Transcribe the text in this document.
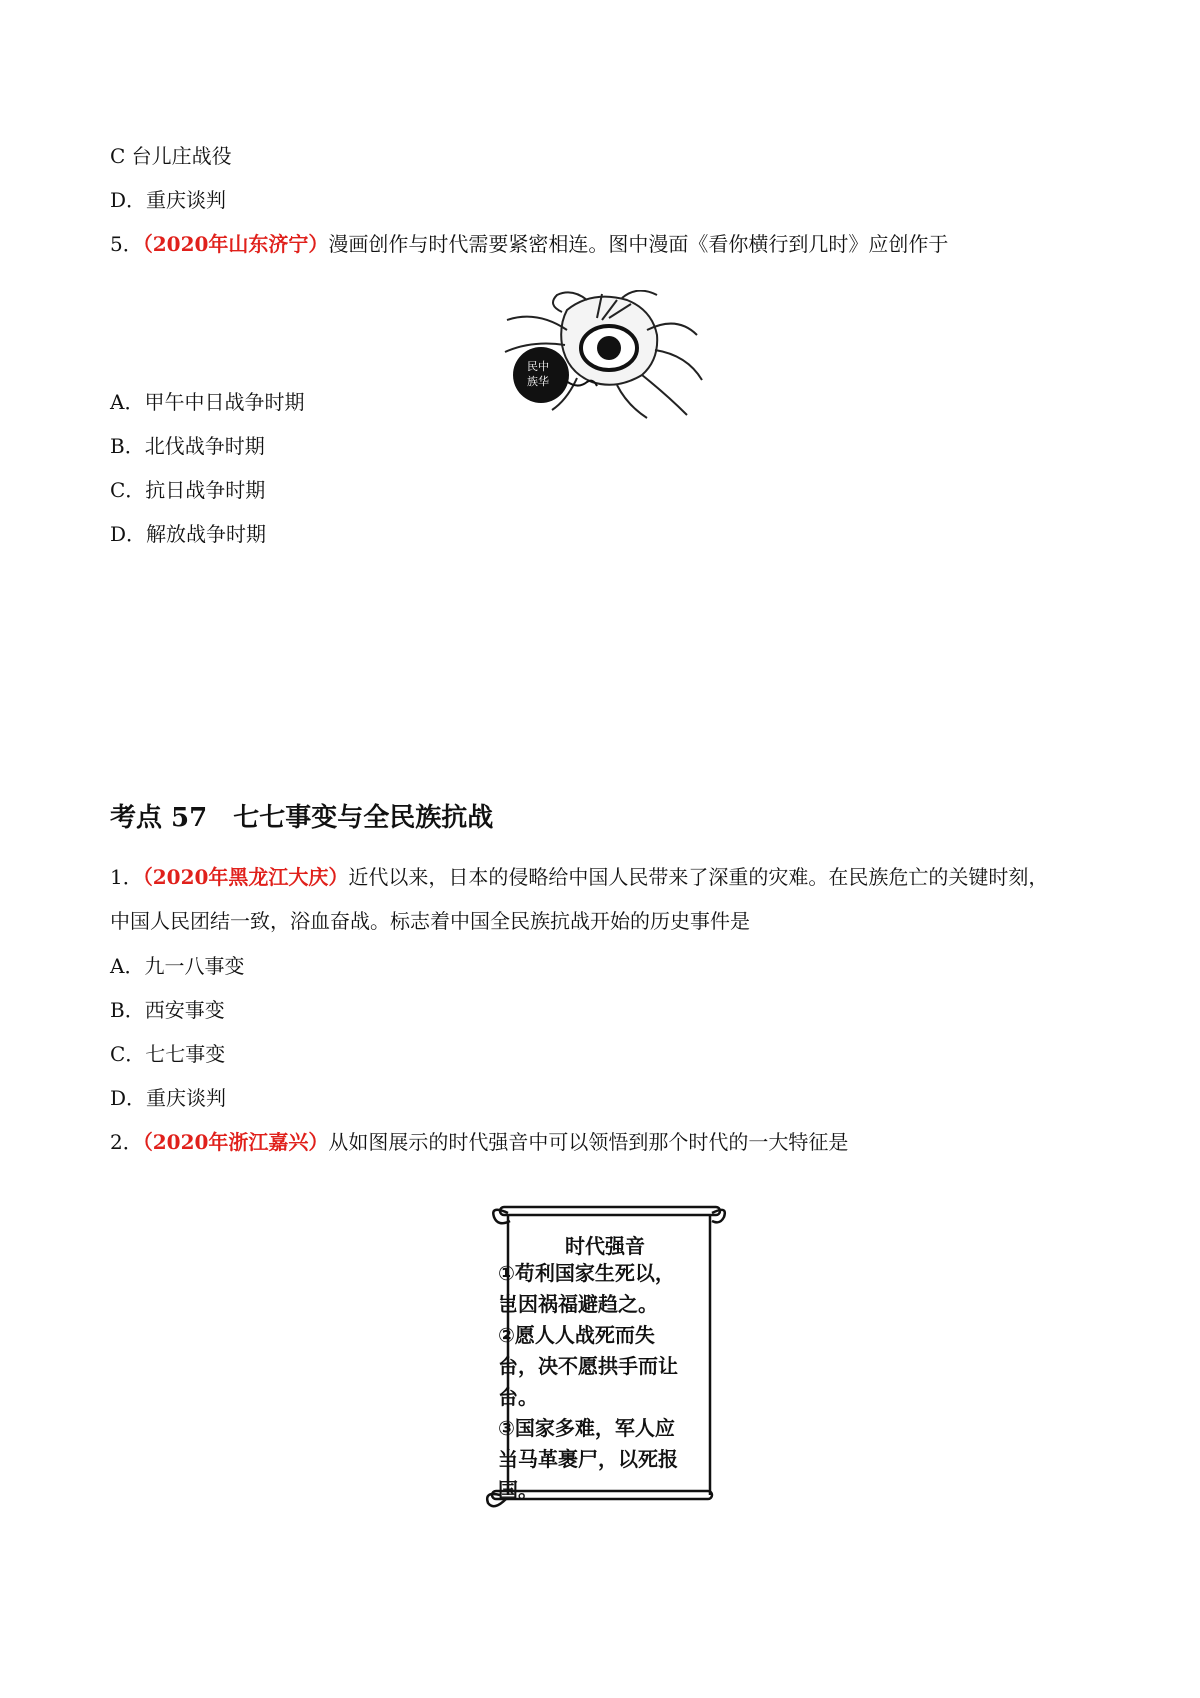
C 台儿庄战役
D．重庆谈判
5．（2020年山东济宁）漫画创作与时代需要紧密相连。图中漫面《看你横行到几时》应创作于
民中
族华
A．甲午中日战争时期
B．北伐战争时期
C．抗日战争时期
D．解放战争时期
考点 57 七七事变与全民族抗战
1．（2020年黑龙江大庆）近代以来，日本的侵略给中国人民带来了深重的灾难。在民族危亡的关键时刻，
中国人民团结一致，浴血奋战。标志着中国全民族抗战开始的历史事件是
A．九一八事变
B．西安事变
C．七七事变
D．重庆谈判
2．（2020年浙江嘉兴）从如图展示的时代强音中可以领悟到那个时代的一大特征是
时代强音
①苟利国家生死以，
岂因祸福避趋之。
②愿人人战死而失
台，决不愿拱手而让
台。
③国家多难，军人应
当马革裹尸，以死报
国。
